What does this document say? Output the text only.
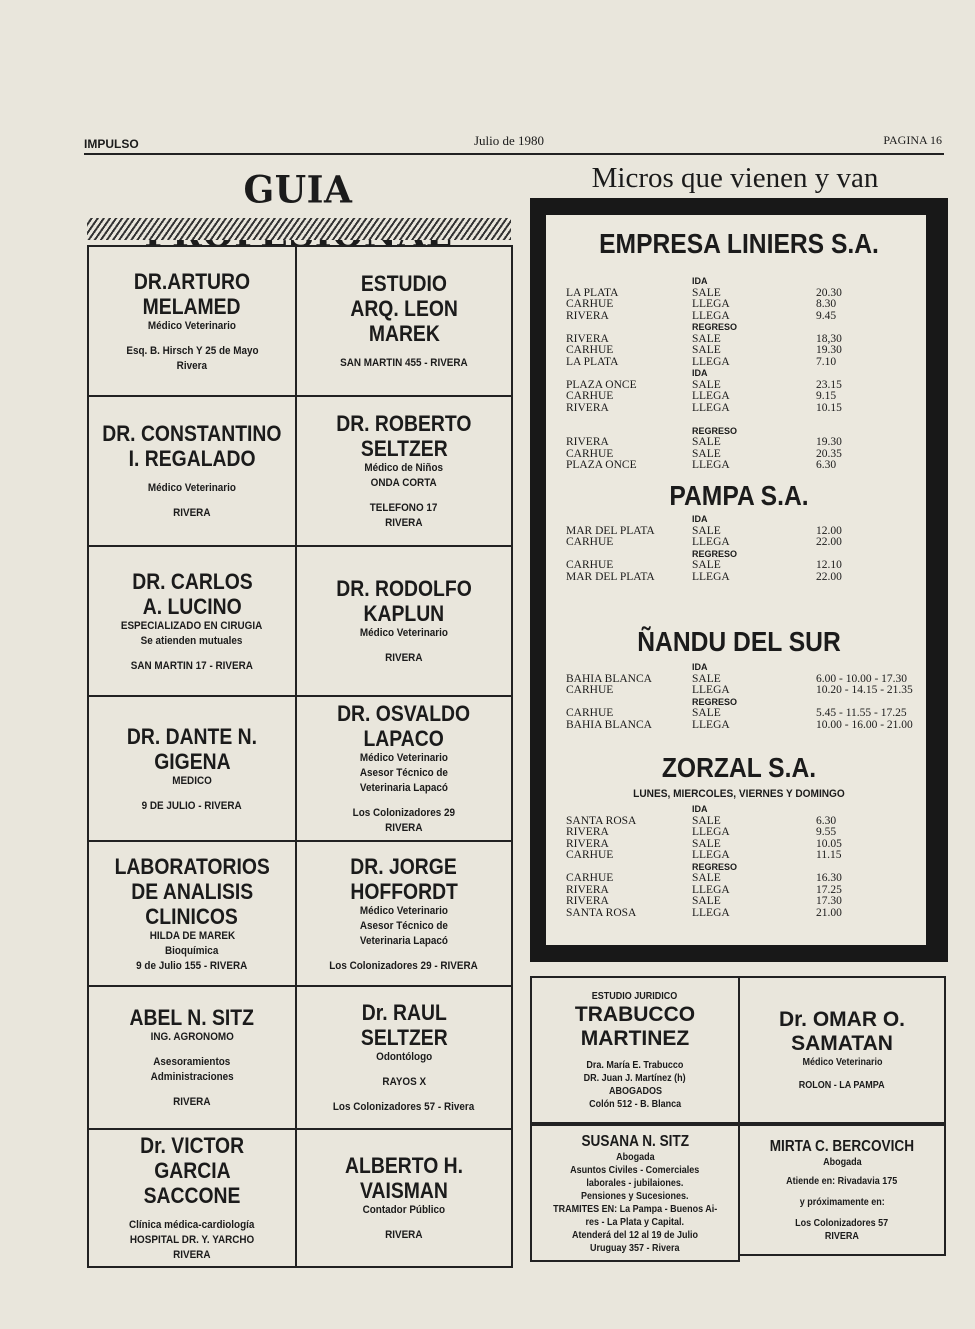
IMPULSO	Julio de 1980	PAGINA 16
GUIA
DR.ARTURO
MELAMED
Médico Veterinario
Esq. B. Hirsch Y 25 de Mayo
Rivera
ESTUDIO
ARQ. LEON
MAREK
SAN MARTIN 455 - RIVERA
DR. CONSTANTINO
I. REGALADO
Médico Veterinario
RIVERA
DR. ROBERTO
SELTZER
Médico de Niños
ONDA CORTA
TELEFONO 17
RIVERA
DR. CARLOS
A. LUCINO
ESPECIALIZADO EN CIRUGIA
Se atienden mutuales
SAN MARTIN 17 - RIVERA
DR. RODOLFO
KAPLUN
Médico Veterinario
RIVERA
DR. DANTE N.
GIGENA
MEDICO
9 DE JULIO - RIVERA
DR. OSVALDO
LAPACO
Médico Veterinario
Asesor Técnico de
Veterinaria Lapacó
Los Colonizadores 29
RIVERA
LABORATORIOS
DE ANALISIS
CLINICOS
HILDA DE MAREK
Bioquímica
9 de Julio 155 - RIVERA
DR. JORGE
HOFFORDT
Médico Veterinario
Asesor Técnico de
Veterinaria Lapacó
Los Colonizadores 29 - RIVERA
ABEL N. SITZ
ING. AGRONOMO
Asesoramientos
Administraciones
RIVERA
Dr. RAUL
SELTZER
Odontólogo
RAYOS X
Los Colonizadores 57 - Rivera
Dr. VICTOR
GARCIA
SACCONE
Clínica médica-cardiología
HOSPITAL DR. Y. YARCHO
RIVERA
ALBERTO H.
VAISMAN
Contador Público
RIVERA
Micros que vienen y van
EMPRESA LINIERS S.A.
IDA
LA PLATA	SALE	20.30
CARHUE	LLEGA	8.30
RIVERA	LLEGA	9.45
REGRESO
RIVERA	SALE	18,30
CARHUE	SALE	19.30
LA PLATA	LLEGA	7.10
IDA
PLAZA ONCE	SALE	23.15
CARHUE	LLEGA	9.15
RIVERA	LLEGA	10.15
REGRESO
RIVERA	SALE	19.30
CARHUE	SALE	20.35
PLAZA ONCE	LLEGA	6.30
PAMPA S.A.
IDA
MAR DEL PLATA	SALE	12.00
CARHUE	LLEGA	22.00
REGRESO
CARHUE	SALE	12.10
MAR DEL PLATA	LLEGA	22.00
ÑANDU DEL SUR
IDA
BAHIA BLANCA	SALE	6.00 - 10.00 - 17.30
CARHUE	LLEGA	10.20 - 14.15 - 21.35
REGRESO
CARHUE	SALE	5.45 - 11.55 - 17.25
BAHIA BLANCA	LLEGA	10.00 - 16.00 - 21.00
ZORZAL S.A.
LUNES, MIERCOLES, VIERNES Y DOMINGO
IDA
SANTA ROSA	SALE	6.30
RIVERA	LLEGA	9.55
RIVERA	SALE	10.05
CARHUE	LLEGA	11.15
REGRESO
CARHUE	SALE	16.30
RIVERA	LLEGA	17.25
RIVERA	SALE	17.30
SANTA ROSA	LLEGA	21.00
ESTUDIO JURIDICO
TRABUCCO
MARTINEZ
Dra. María E. Trabucco
DR. Juan J. Martínez (h)
ABOGADOS
Colón 512 - B. Blanca
Dr. OMAR O.
SAMATAN
Médico Veterinario
ROLON - LA PAMPA
SUSANA N. SITZ
Abogada
Asuntos Civiles - Comerciales
laborales - jubilaiones.
Pensiones y Sucesiones.
TRAMITES EN: La Pampa - Buenos Ai-
res - La Plata y Capital.
Atenderá del 12 al 19 de Julio
Uruguay 357 - Rivera
MIRTA C. BERCOVICH
Abogada
Atiende en: Rivadavia 175
y próximamente en:
Los Colonizadores 57
RIVERA
